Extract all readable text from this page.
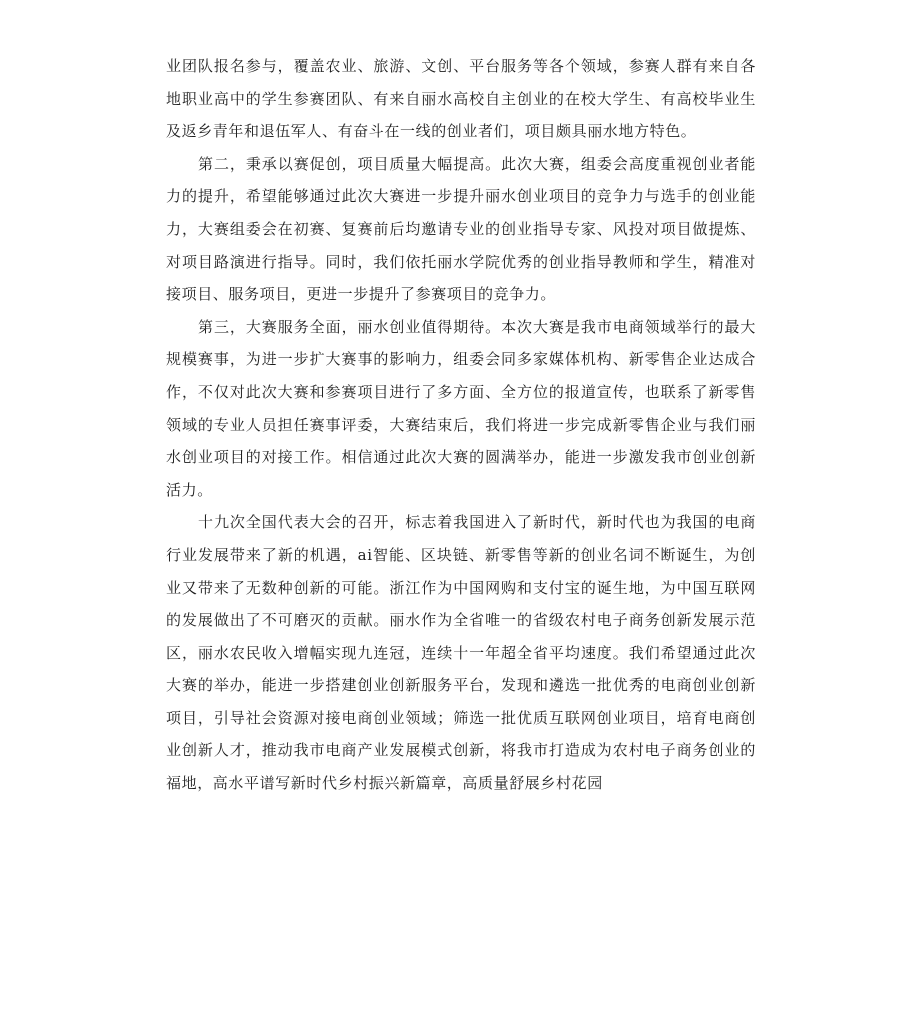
业团队报名参与，覆盖农业、旅游、文创、平台服务等各个领域，参赛人群有来自各地职业高中的学生参赛团队、有来自丽水高校自主创业的在校大学生、有高校毕业生及返乡青年和退伍军人、有奋斗在一线的创业者们，项目颇具丽水地方特色。

第二，秉承以赛促创，项目质量大幅提高。此次大赛，组委会高度重视创业者能力的提升，希望能够通过此次大赛进一步提升丽水创业项目的竞争力与选手的创业能力，大赛组委会在初赛、复赛前后均邀请专业的创业指导专家、风投对项目做提炼、对项目路演进行指导。同时，我们依托丽水学院优秀的创业指导教师和学生，精准对接项目、服务项目，更进一步提升了参赛项目的竞争力。

第三，大赛服务全面，丽水创业值得期待。本次大赛是我市电商领域举行的最大规模赛事，为进一步扩大赛事的影响力，组委会同多家媒体机构、新零售企业达成合作，不仅对此次大赛和参赛项目进行了多方面、全方位的报道宣传，也联系了新零售领域的专业人员担任赛事评委，大赛结束后，我们将进一步完成新零售企业与我们丽水创业项目的对接工作。相信通过此次大赛的圆满举办，能进一步激发我市创业创新活力。

十九次全国代表大会的召开，标志着我国进入了新时代，新时代也为我国的电商行业发展带来了新的机遇，ai智能、区块链、新零售等新的创业名词不断诞生，为创业又带来了无数种创新的可能。浙江作为中国网购和支付宝的诞生地，为中国互联网的发展做出了不可磨灭的贡献。丽水作为全省唯一的省级农村电子商务创新发展示范区，丽水农民收入增幅实现九连冠，连续十一年超全省平均速度。我们希望通过此次大赛的举办，能进一步搭建创业创新服务平台，发现和遴选一批优秀的电商创业创新项目，引导社会资源对接电商创业领域；筛选一批优质互联网创业项目，培育电商创业创新人才，推动我市电商产业发展模式创新，将我市打造成为农村电子商务创业的福地，高水平谱写新时代乡村振兴新篇章，高质量舒展乡村花园
